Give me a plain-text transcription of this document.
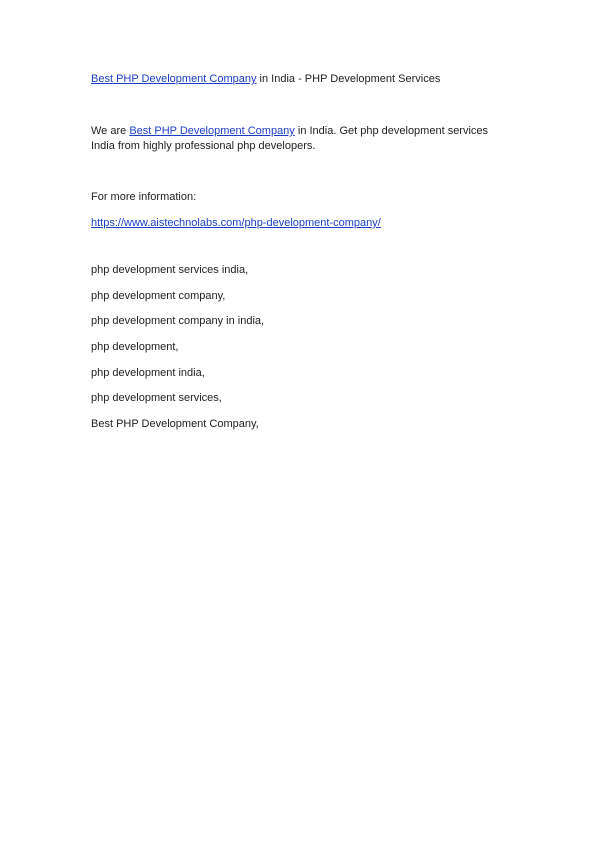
Best PHP Development Company in India - PHP Development Services

We are Best PHP Development Company in India. Get php development services India from highly professional php developers.

For more information:

https://www.aistechnolabs.com/php-development-company/

php development services india,

php development company,

php development company in india,

php development,

php development india,

php development services,

Best PHP Development Company,
